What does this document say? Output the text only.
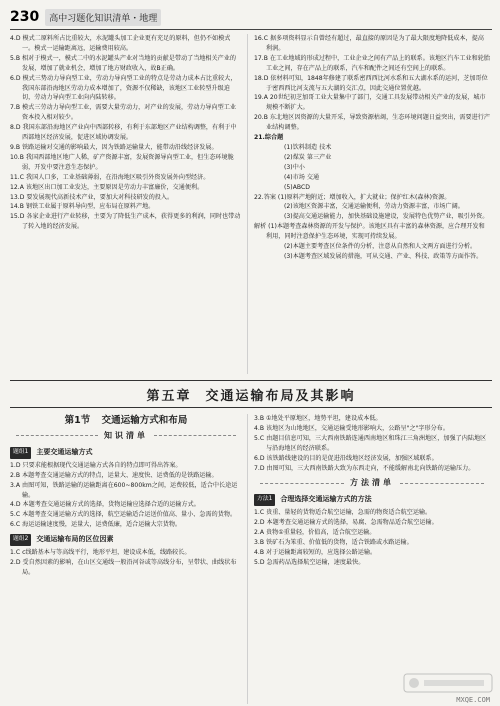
230	高中习题化知识清单・地理

4.D 模式二原料所占比重较大，水泥罐头加工企业更有充足的原料，但仍不如模式一。模式一运输距离远，运输费用较高。

5.B 相对于模式一，模式二中的水泥罐头产业对当地的贡献是带动了当地相关产业的发展，增加了就业机会，增加了地方财政收入，故B正确。

6.D 模式三势动力导向型工业，劳动力导向型工业的特点是劳动力成本占比重较大，我国东部沿海地区劳动力成本增加了，资源不仅稀缺，该地区工业转型升级迫切，劳动力导向型工业向内陆转移。

7.B 模式三劳动力导向型工业，需要大量劳动力，对产业的发展，劳动力导向型工业资本投入相对较少。

8.D 我国东部沿海地区产业向中西部转移，有利于东部地区产业结构调整，有利于中西部地区经济发展，促进区域协调发展。

9.B 铁路运输对交通的影响最大，因为铁路运输量大，能带动沿线经济发展。

10.B 我国西部地区地广人稀，矿产资源丰富，发展资源导向型工业，但生态环境脆弱，开发中要注意生态保护。

11.C 我国人口多，工业基础薄弱，在沿海地区吸引外资发展外向型经济。

12.A 该地区出口加工业发达，主要原因是劳动力丰富廉价，交通便利。

13.D 要发展现代高新技术产业，要加大对科技研发的投入。

14.B 钢铁工业属于原料导向型，应布局在原料产地。

15.D 各家企业进行产业转移，主要为了降低生产成本，获得更多的利润，同时也带动了转入地的经济发展。

16.C 据多项资料显示自曾经有超过，最直接的原因是为了最大限度地降低成本，提高利润。

17.B 在工业地域的形成过程中，工业企业之间有产品上的联系。该地区汽车工业和轮胎工业之间，存在产品上的联系，汽车和配件之间还有空间上的联系。

18.D 依材料可知，1848年修建了联系密西西比河水系和五大湖水系的运河，芝加哥位于密西西比河支流与五大湖的交汇点，因此交通位置优越。

19.A 20世纪初芝加哥工业大量集中了部门，交通工具发展带动相关产业的发展，城市规模不断扩大。

20.B 东北地区因资源的大量开采，导致资源枯竭，生态环境问题日益突出，需要进行产业结构调整。

21.综合题

(1)饮料制造 技术

(2)煤炭 第三产业

(3)中小

(4)市场 交通

(5)ABCD

22.答案 (1)原料产地附近；增加收入，扩大就业；保护红木(森林)资源。

(2)该地区资源丰富，交通运输便利，劳动力资源丰富，市场广阔。

(3)提高交通运输能力，加快基础设施建设，发展特色优势产业，吸引外资。

解析 (1)本题考查森林资源的开发与保护。该地区具有丰富的森林资源，应合理开发和利用，同时注意保护生态环境，实现可持续发展。

(2)本题主要考查区位条件的分析，注意从自然和人文两方面进行分析。

(3)本题考查区域发展的措施，可从交通、产业、科技、政策等方面作答。

第五章 交通运输布局及其影响
第1节 交通运输方式和布局
知识清单
题组1	主要交通运输方式

1.D 只要求能根据现代交通运输方式各自的特点即可得出答案。

2.B 本题考查交通运输方式的特点，运量大、速度快、运费低的是铁路运输。

3.A 由图可知，铁路运输的运输距离在600~800km之间，运费较低，适合中长途运输。

4.D 本题考查交通运输方式的选择，货物运输应选择合适的运输方式。

5.C 本题考查交通运输方式的选择，航空运输适合运送价值高、量小、急需的货物。

6.C 海运运输速度慢，运量大，运费低廉，适合运输大宗货物。

题组2	交通运输布局的区位因素

1.C c线路基本与等高线平行，地形平坦，建设成本低，线路较长。

2.D 受自然因素的影响，在山区交通线一般沿河谷或等高线分布，呈带状、曲线状布局。

3.B ①地处平原地区，地势平坦，建设成本低。

4.B 该地区为山地地区，交通运输受地形影响大，公路呈"之"字形分布。

5.C 由题目信息可知，三大西南铁路连通西南地区和珠江三角洲地区，加强了内陆地区与沿海地区的经济联系。

6.D 该铁路线建设的目的是促进沿线地区经济发展，加强区域联系。

7.D 由图可知，三大西南铁路大致为东西走向，不能缓解南北向铁路的运输压力。

方法清单
方法1	合理选择交通运输方式的方法

1.C 贵重、量轻的货物适合航空运输，急需的物资适合航空运输。

2.D 本题考查交通运输方式的选择，易腐、急需物品适合航空运输。

2.A 贵物①重量轻，价值高，适合航空运输。

3.B 铁矿石为笨重、价值低的货物，适合铁路或水路运输。

4.B 对于运输距离较短的，应选择公路运输。

5.D 急需药品选择航空运输，速度最快。

MXQE.COM
